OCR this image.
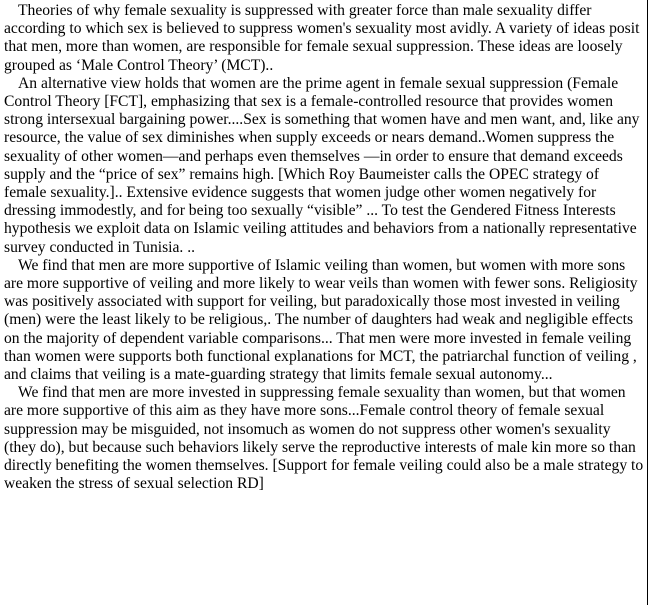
Theories of why female sexuality is suppressed with greater force than male sexuality differ according to which sex is believed to suppress women's sexuality most avidly. A variety of ideas posit that men, more than women, are responsible for female sexual suppression. These ideas are loosely grouped as ‘Male Control Theory’ (MCT)..

An alternative view holds that women are the prime agent in female sexual suppression (Female Control Theory [FCT], emphasizing that sex is a female-controlled resource that provides women strong intersexual bargaining power....Sex is something that women have and men want, and, like any resource, the value of sex diminishes when supply exceeds or nears demand..Women suppress the sexuality of other women—and perhaps even themselves —in order to ensure that demand exceeds supply and the “price of sex” remains high. [Which Roy Baumeister calls the OPEC strategy of female sexuality.].. Extensive evidence suggests that women judge other women negatively for dressing immodestly, and for being too sexually “visible” ... To test the Gendered Fitness Interests hypothesis we exploit data on Islamic veiling attitudes and behaviors from a nationally representative survey conducted in Tunisia. ..

We find that men are more supportive of Islamic veiling than women, but women with more sons are more supportive of veiling and more likely to wear veils than women with fewer sons. Religiosity was positively associated with support for veiling, but paradoxically those most invested in veiling (men) were the least likely to be religious,. The number of daughters had weak and negligible effects on the majority of dependent variable comparisons... That men were more invested in female veiling than women were supports both functional explanations for MCT, the patriarchal function of veiling , and claims that veiling is a mate-guarding strategy that limits female sexual autonomy...

We find that men are more invested in suppressing female sexuality than women, but that women are more supportive of this aim as they have more sons...Female control theory of female sexual suppression may be misguided, not insomuch as women do not suppress other women's sexuality (they do), but because such behaviors likely serve the reproductive interests of male kin more so than directly benefiting the women themselves. [Support for female veiling could also be a male strategy to weaken the stress of sexual selection RD]
